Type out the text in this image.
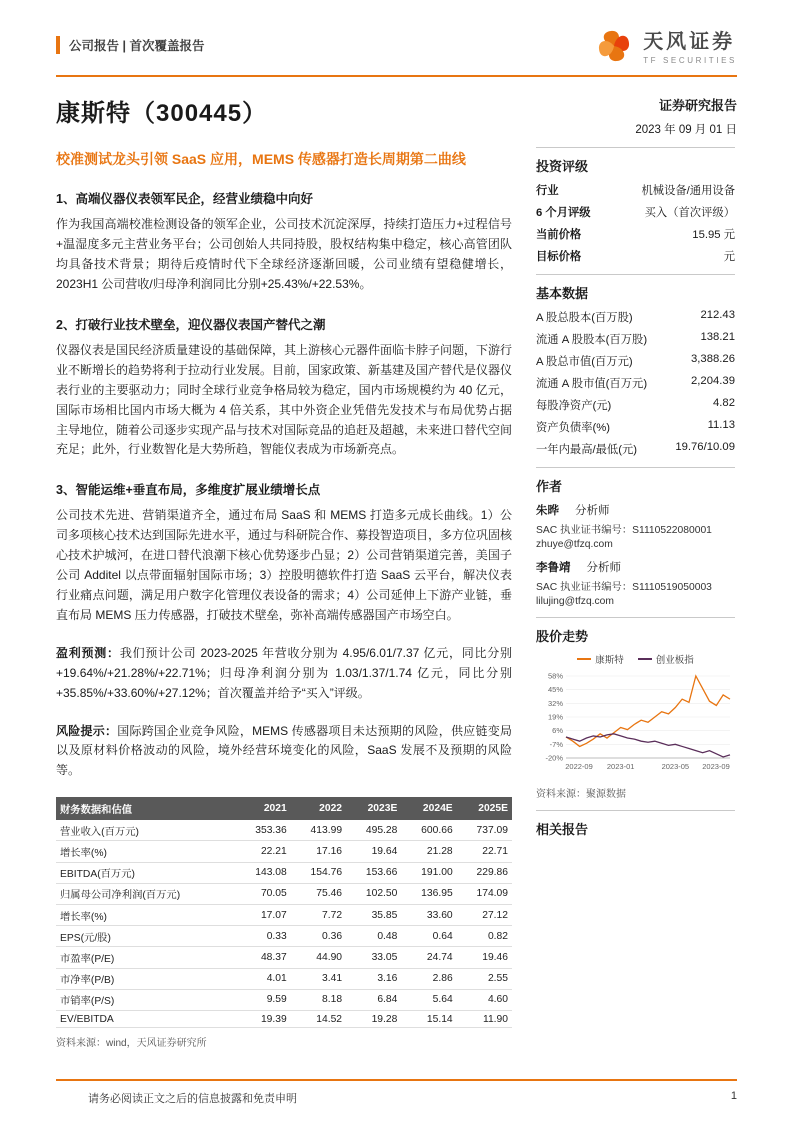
公司报告 | 首次覆盖报告	天风证券
TF SECURITIES
康斯特（300445）	证券研究报告
2023 年 09 月 01 日
校准测试龙头引领 SaaS 应用，MEMS 传感器打造长周期第二曲线
1、高端仪器仪表领军民企，经营业绩稳中向好

作为我国高端校准检测设备的领军企业，公司技术沉淀深厚，持续打造压力+过程信号+温湿度多元主营业务平台；公司创始人共同持股，股权结构集中稳定，核心高管团队均具备技术背景；期待后疫情时代下全球经济逐渐回暖，公司业绩有望稳健增长，2023H1 公司营收/归母净利润同比分别+25.43%/+22.53%。

2、打破行业技术壁垒，迎仪器仪表国产替代之潮

仪器仪表是国民经济质量建设的基础保障，其上游核心元器件面临卡脖子问题，下游行业不断增长的趋势将利于拉动行业发展。目前，国家政策、新基建及国产替代是仪器仪表行业的主要驱动力；同时全球行业竞争格局较为稳定，国内市场规模约为 40 亿元，国际市场相比国内市场大概为 4 倍关系，其中外资企业凭借先发技术与布局优势占据主导地位，随着公司逐步实现产品与技术对国际竞品的追赶及超越，未来进口替代空间充足；此外，行业数智化是大势所趋，智能仪表成为市场新亮点。

3、智能运维+垂直布局，多维度扩展业绩增长点

公司技术先进、营销渠道齐全，通过布局 SaaS 和 MEMS 打造多元成长曲线。1）公司多项核心技术达到国际先进水平，通过与科研院合作、募投智造项目，多方位巩固核心技术护城河，在进口替代浪潮下核心优势逐步凸显；2）公司营销渠道完善，美国子公司 Additel 以点带面辐射国际市场；3）控股明德软件打造 SaaS 云平台，解决仪表行业痛点问题，满足用户数字化管理仪表设备的需求；4）公司延伸上下游产业链，垂直布局 MEMS 压力传感器，打破技术壁垒，弥补高端传感器国产市场空白。

盈利预测：我们预计公司 2023-2025 年营收分别为 4.95/6.01/7.37 亿元，同比分别+19.64%/+21.28%/+22.71%；归母净利润分别为 1.03/1.37/1.74 亿元，同比分别+35.85%/+33.60%/+27.12%；首次覆盖并给予“买入”评级。

风险提示：国际跨国企业竞争风险，MEMS 传感器项目未达预期的风险，供应链变局以及原材料价格波动的风险，境外经营环境变化的风险，SaaS 发展不及预期的风险等。

财务数据和估值	2021	2022	2023E	2024E	2025E
营业收入(百万元)	353.36	413.99	495.28	600.66	737.09
增长率(%)	22.21	17.16	19.64	21.28	22.71
EBITDA(百万元)	143.08	154.76	153.66	191.00	229.86
归属母公司净利润(百万元)	70.05	75.46	102.50	136.95	174.09
增长率(%)	17.07	7.72	35.85	33.60	27.12
EPS(元/股)	0.33	0.36	0.48	0.64	0.82
市盈率(P/E)	48.37	44.90	33.05	24.74	19.46
市净率(P/B)	4.01	3.41	3.16	2.86	2.55
市销率(P/S)	9.59	8.18	6.84	5.64	4.60
EV/EBITDA	19.39	14.52	19.28	15.14	11.90
资料来源：wind，天风证券研究所
投资评级
行业	机械设备/通用设备
6 个月评级	买入（首次评级）
当前价格	15.95 元
目标价格	元
基本数据
A 股总股本(百万股)	212.43
流通 A 股股本(百万股)	138.21
A 股总市值(百万元)	3,388.26
流通 A 股市值(百万元)	2,204.39
每股净资产(元)	4.82
资产负债率(%)	11.13
一年内最高/最低(元)	19.76/10.09
作者
朱晔 分析师
SAC 执业证书编号：S1110522080001
zhuye@tfzq.com
李鲁靖 分析师
SAC 执业证书编号：S1110519050003
lilujing@tfzq.com
股价走势
康斯特	创业板指
58%
45%
32%
19%
6%
-7%
-20%
2022-09 2023-01	2023-05 2023-09
资料来源：聚源数据
相关报告
请务必阅读正文之后的信息披露和免责申明	1
